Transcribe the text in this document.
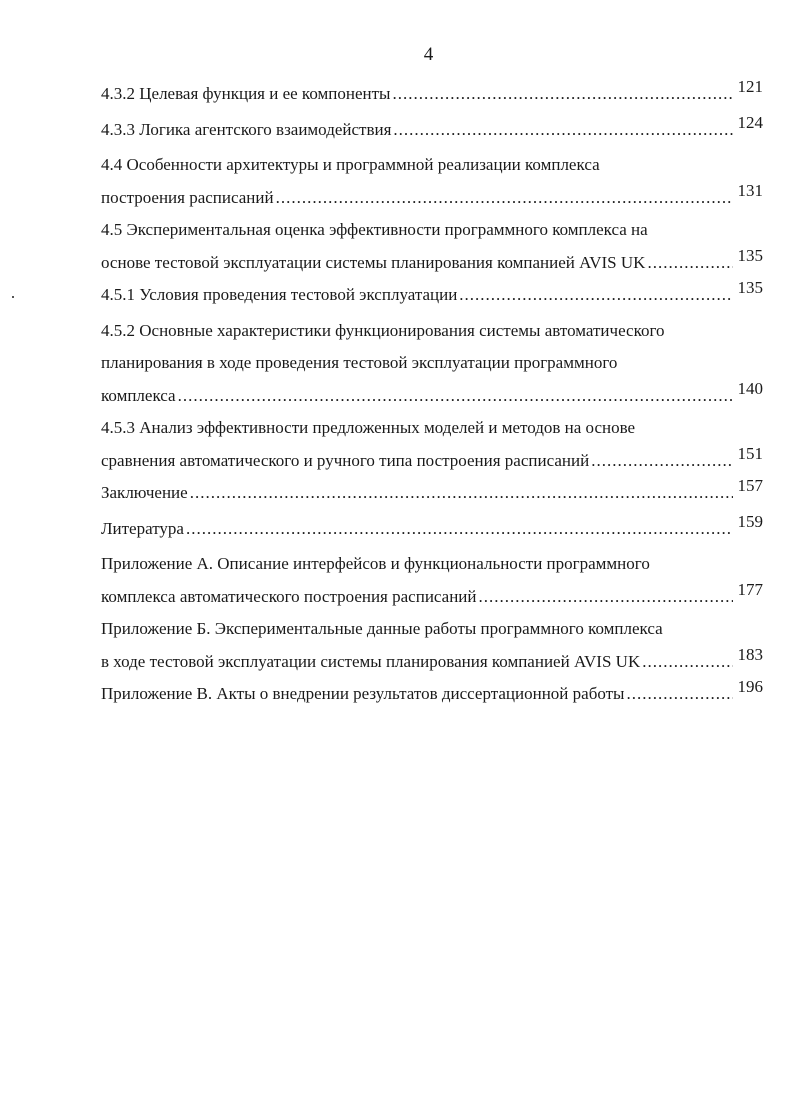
4
4.3.2 Целевая функция и ее компоненты .....	121
4.3.3 Логика агентского взаимодействия .....	124
4.4 Особенности архитектуры и программной реализации комплекса
построения расписаний .....	131
4.5 Экспериментальная оценка эффективности программного комплекса на
основе тестовой эксплуатации системы планирования компанией AVIS UK .....	135
4.5.1 Условия проведения тестовой эксплуатации .....	135
4.5.2 Основные характеристики функционирования системы автоматического
планирования в ходе проведения тестовой эксплуатации программного
комплекса .....	140
4.5.3 Анализ эффективности предложенных моделей и методов на основе
сравнения автоматического и ручного типа построения расписаний .....	151
Заключение .....	157
Литература .....	159
Приложение А. Описание интерфейсов и функциональности программного
комплекса автоматического построения расписаний .....	177
Приложение Б. Экспериментальные данные работы программного комплекса
в ходе тестовой эксплуатации системы планирования компанией AVIS UK .....	183
Приложение В. Акты о внедрении результатов диссертационной работы .....	196
